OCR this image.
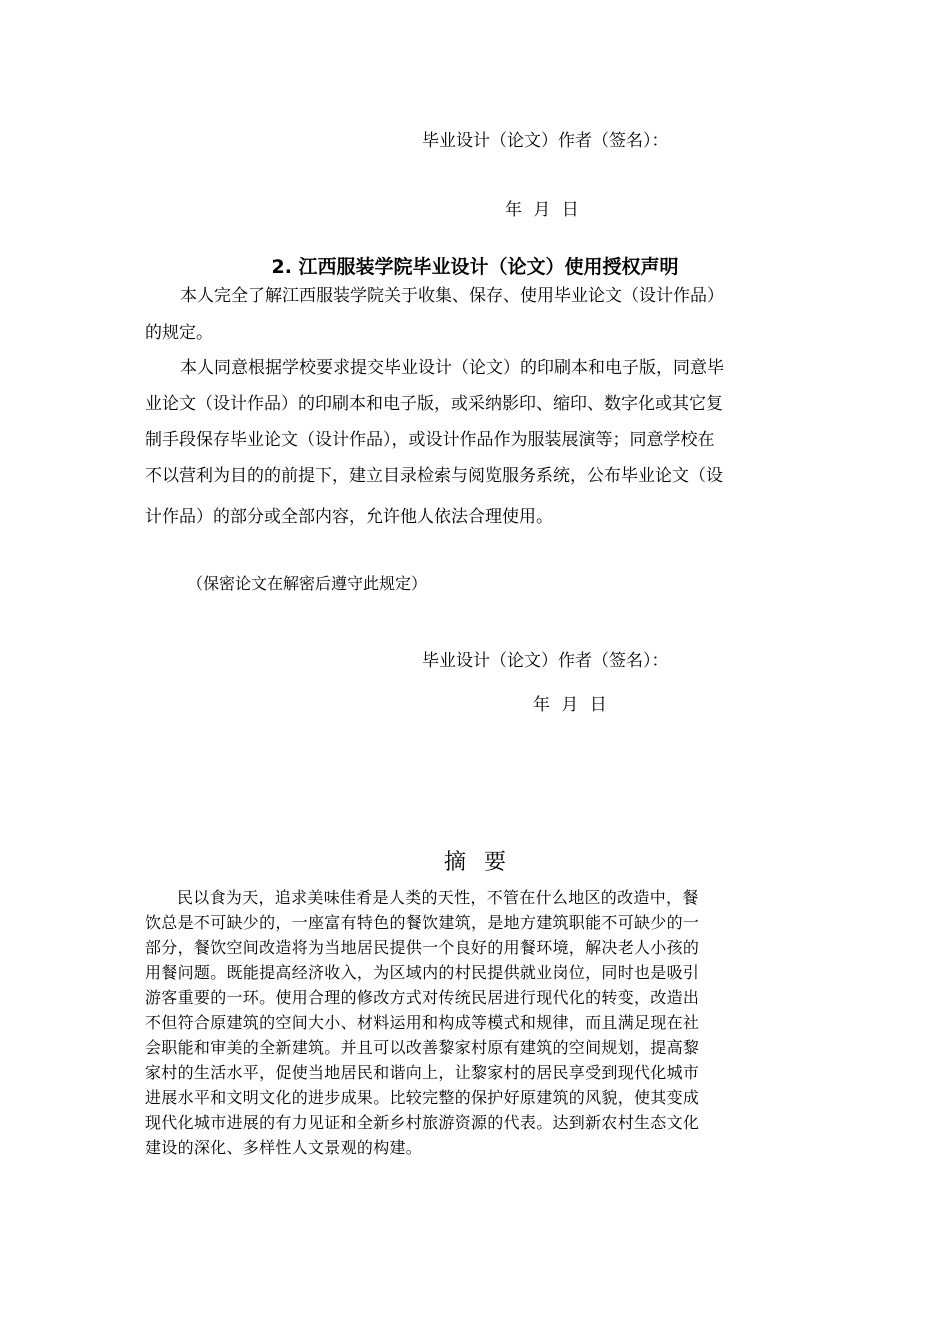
毕业设计（论文）作者（签名）：
年 月 日
2. 江西服装学院毕业设计（论文）使用授权声明
本人完全了解江西服装学院关于收集、保存、使用毕业论文（设计作品）
的规定。
本人同意根据学校要求提交毕业设计（论文）的印刷本和电子版，同意毕
业论文（设计作品）的印刷本和电子版，或采纳影印、缩印、数字化或其它复
制手段保存毕业论文（设计作品），或设计作品作为服装展演等；同意学校在
不以营利为目的的前提下，建立目录检索与阅览服务系统，公布毕业论文（设
计作品）的部分或全部内容，允许他人依法合理使用。
（保密论文在解密后遵守此规定）
毕业设计（论文）作者（签名）：
年 月 日
摘要
民以食为天，追求美味佳肴是人类的天性，不管在什么地区的改造中，餐
饮总是不可缺少的，一座富有特色的餐饮建筑，是地方建筑职能不可缺少的一
部分，餐饮空间改造将为当地居民提供一个良好的用餐环境，解决老人小孩的
用餐问题。既能提高经济收入，为区域内的村民提供就业岗位，同时也是吸引
游客重要的一环。使用合理的修改方式对传统民居进行现代化的转变，改造出
不但符合原建筑的空间大小、材料运用和构成等模式和规律，而且满足现在社
会职能和审美的全新建筑。并且可以改善黎家村原有建筑的空间规划，提高黎
家村的生活水平，促使当地居民和谐向上，让黎家村的居民享受到现代化城市
进展水平和文明文化的进步成果。比较完整的保护好原建筑的风貌，使其变成
现代化城市进展的有力见证和全新乡村旅游资源的代表。达到新农村生态文化
建设的深化、多样性人文景观的构建。
